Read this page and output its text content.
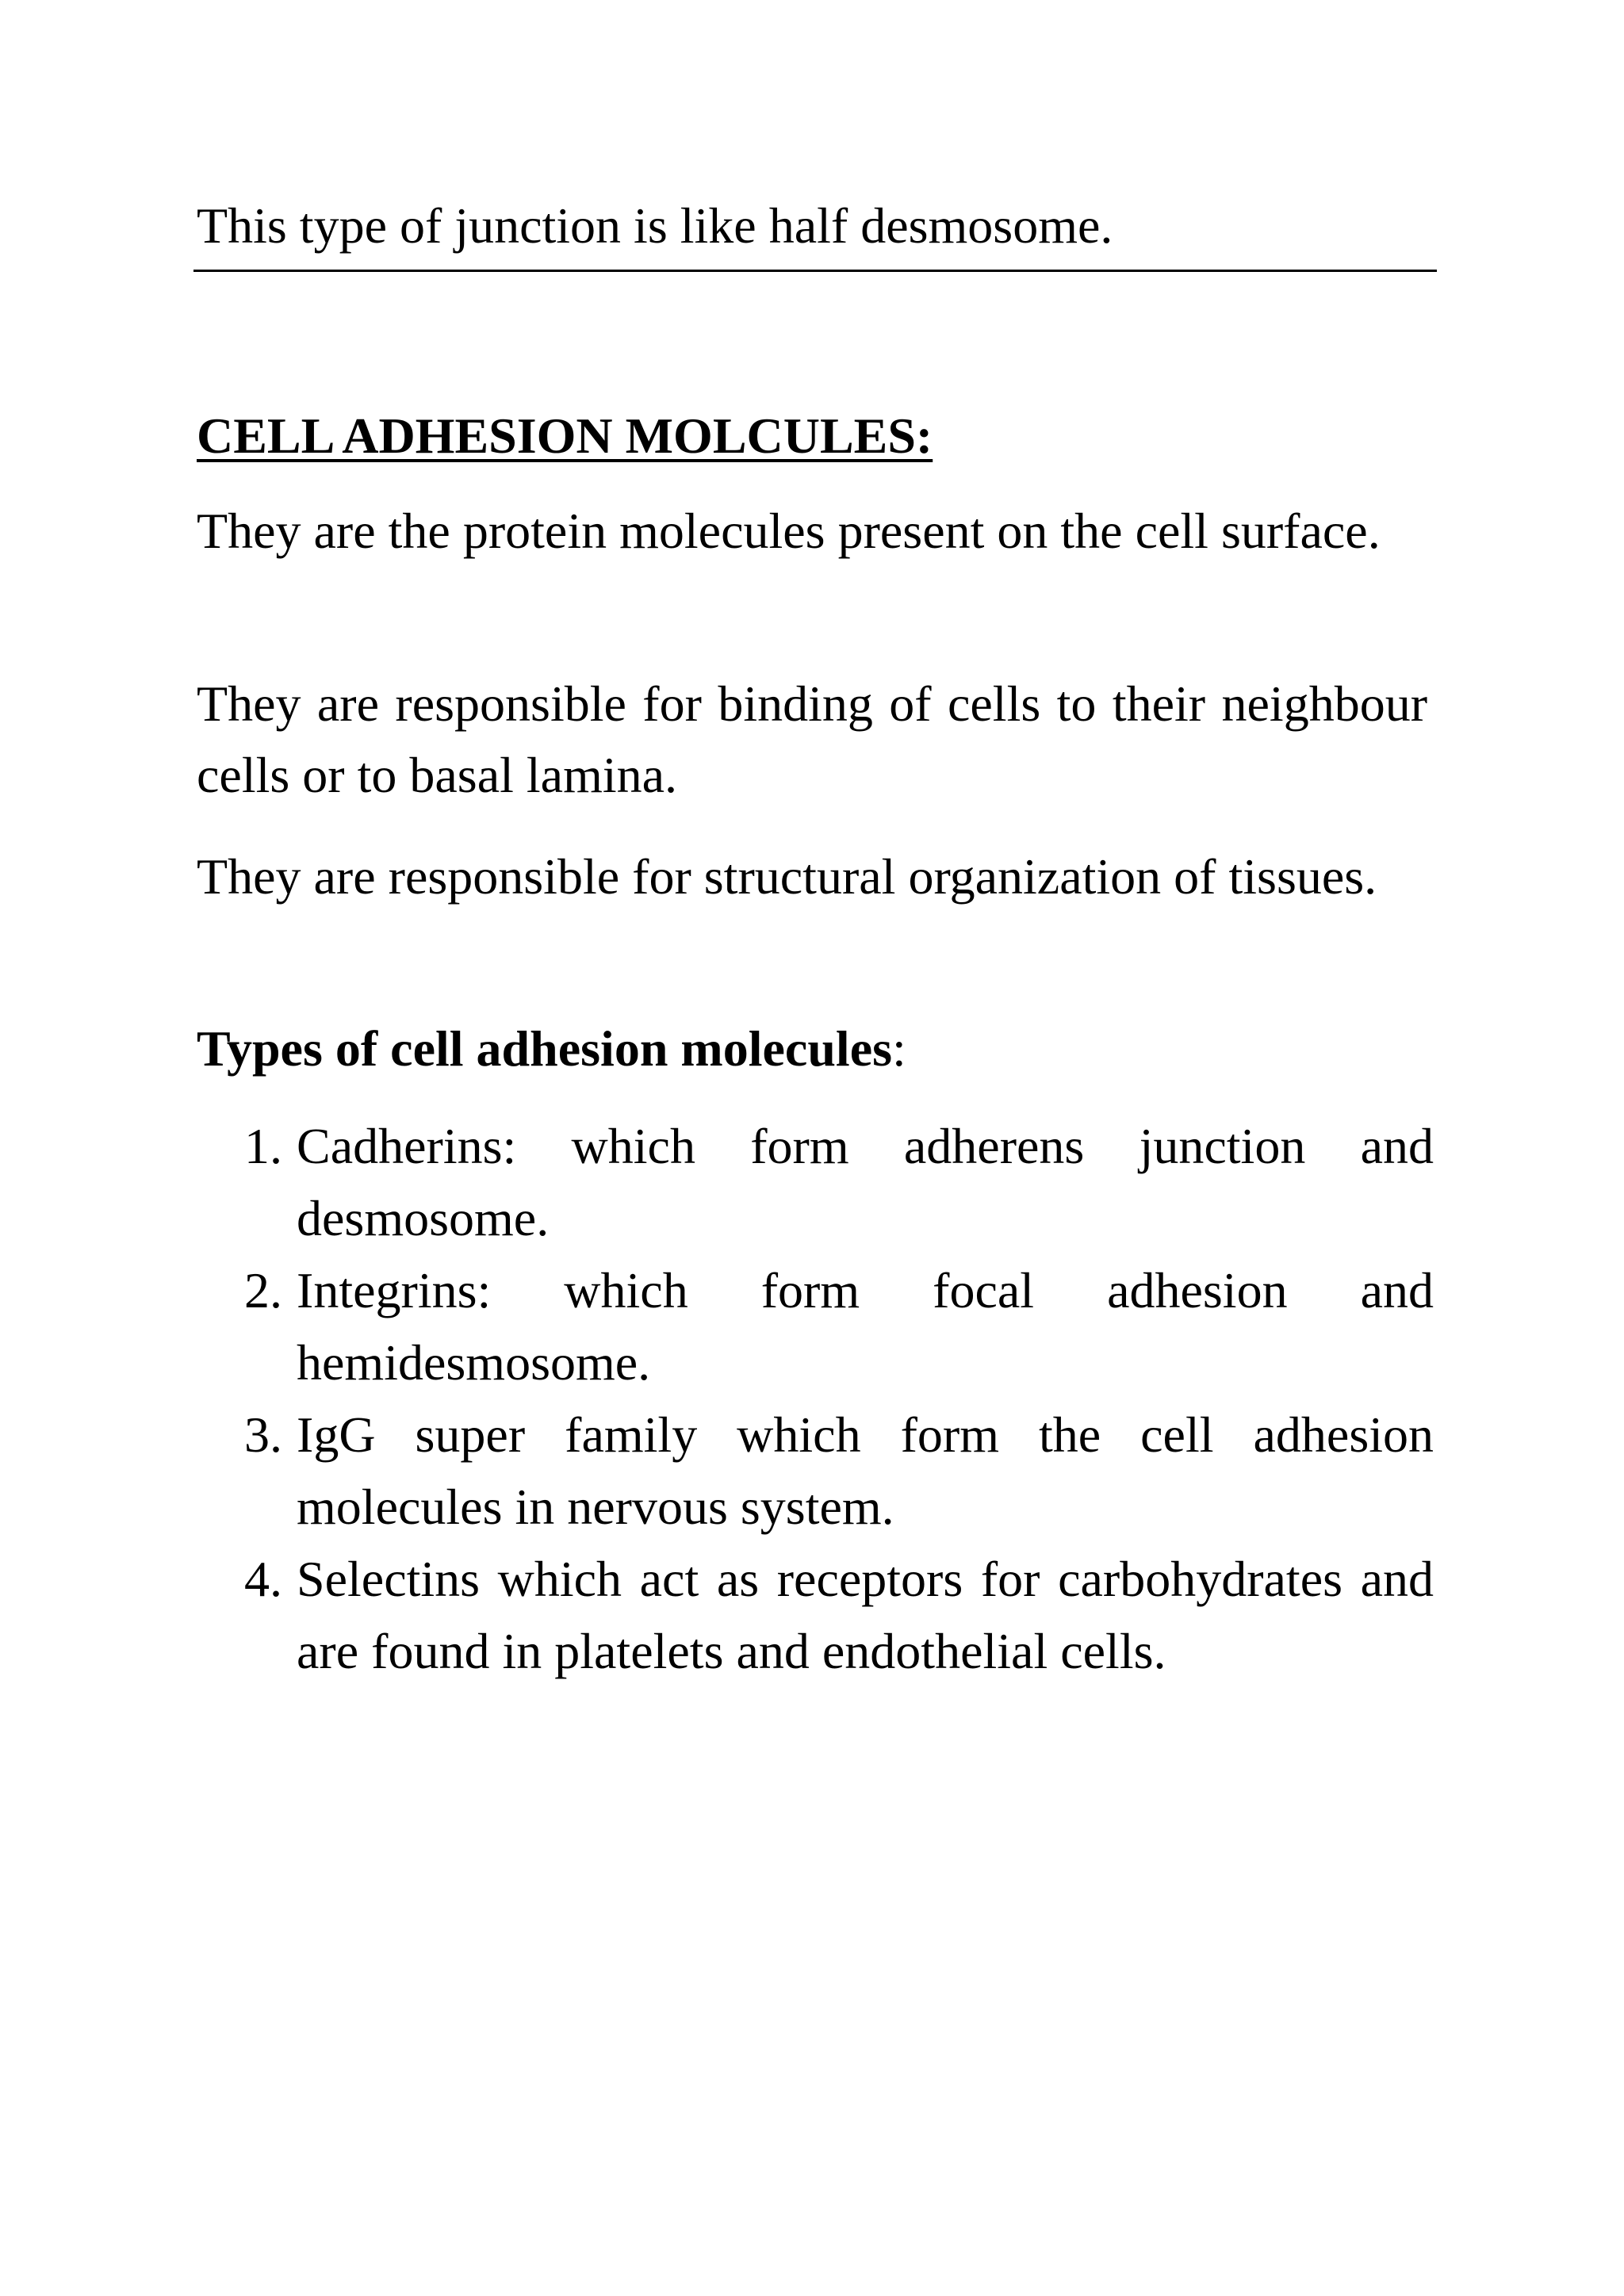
This type of junction is like half desmosome.
CELL ADHESION MOLCULES:
They are the protein molecules present on the cell surface.
They are responsible for binding of cells to their neighbour cells or to basal lamina.
They are responsible for structural organization of tissues.
Types of cell adhesion molecules:
1. Cadherins: which form adherens junction and desmosome.
2. Integrins: which form focal adhesion and hemidesmosome.
3. IgG super family which form the cell adhesion molecules in nervous system.
4. Selectins which act as receptors for carbohydrates and are found in platelets and endothelial cells.
